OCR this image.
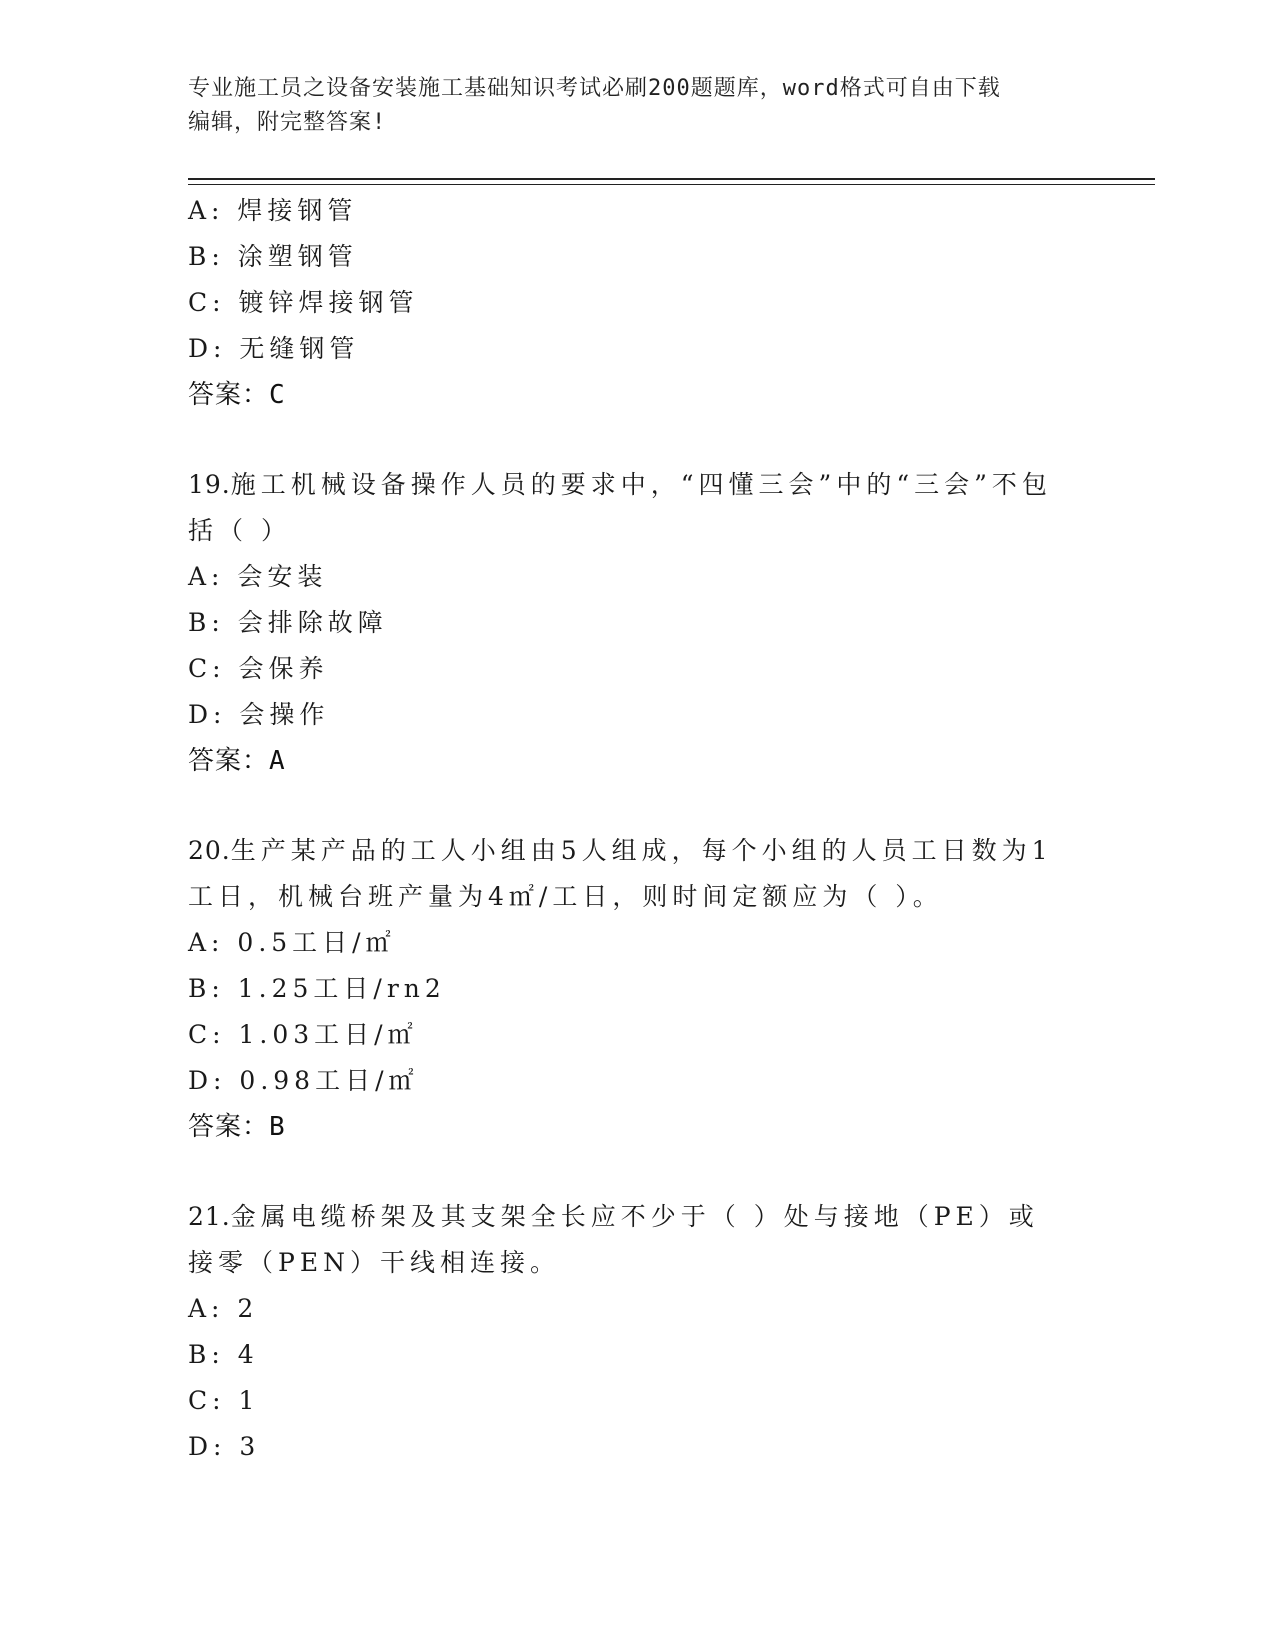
专业施工员之设备安装施工基础知识考试必刷200题题库，word格式可自由下载
编辑，附完整答案!
A: 焊接钢管
B: 涂塑钢管
C: 镀锌焊接钢管
D: 无缝钢管
答案：C
19.施工机械设备操作人员的要求中，“四懂三会”中的“三会”不包括（ ）
A: 会安装
B: 会排除故障
C: 会保养
D: 会操作
答案：A
20.生产某产品的工人小组由5人组成，每个小组的人员工日数为1工日，机械台班产量为4㎡/工日，则时间定额应为（ ）。
A: 0.5工日/㎡
B: 1.25工日/rn2
C: 1.03工日/㎡
D: 0.98工日/㎡
答案：B
21.金属电缆桥架及其支架全长应不少于（ ）处与接地（PE）或接零（PEN）干线相连接。
A: 2
B: 4
C: 1
D: 3
